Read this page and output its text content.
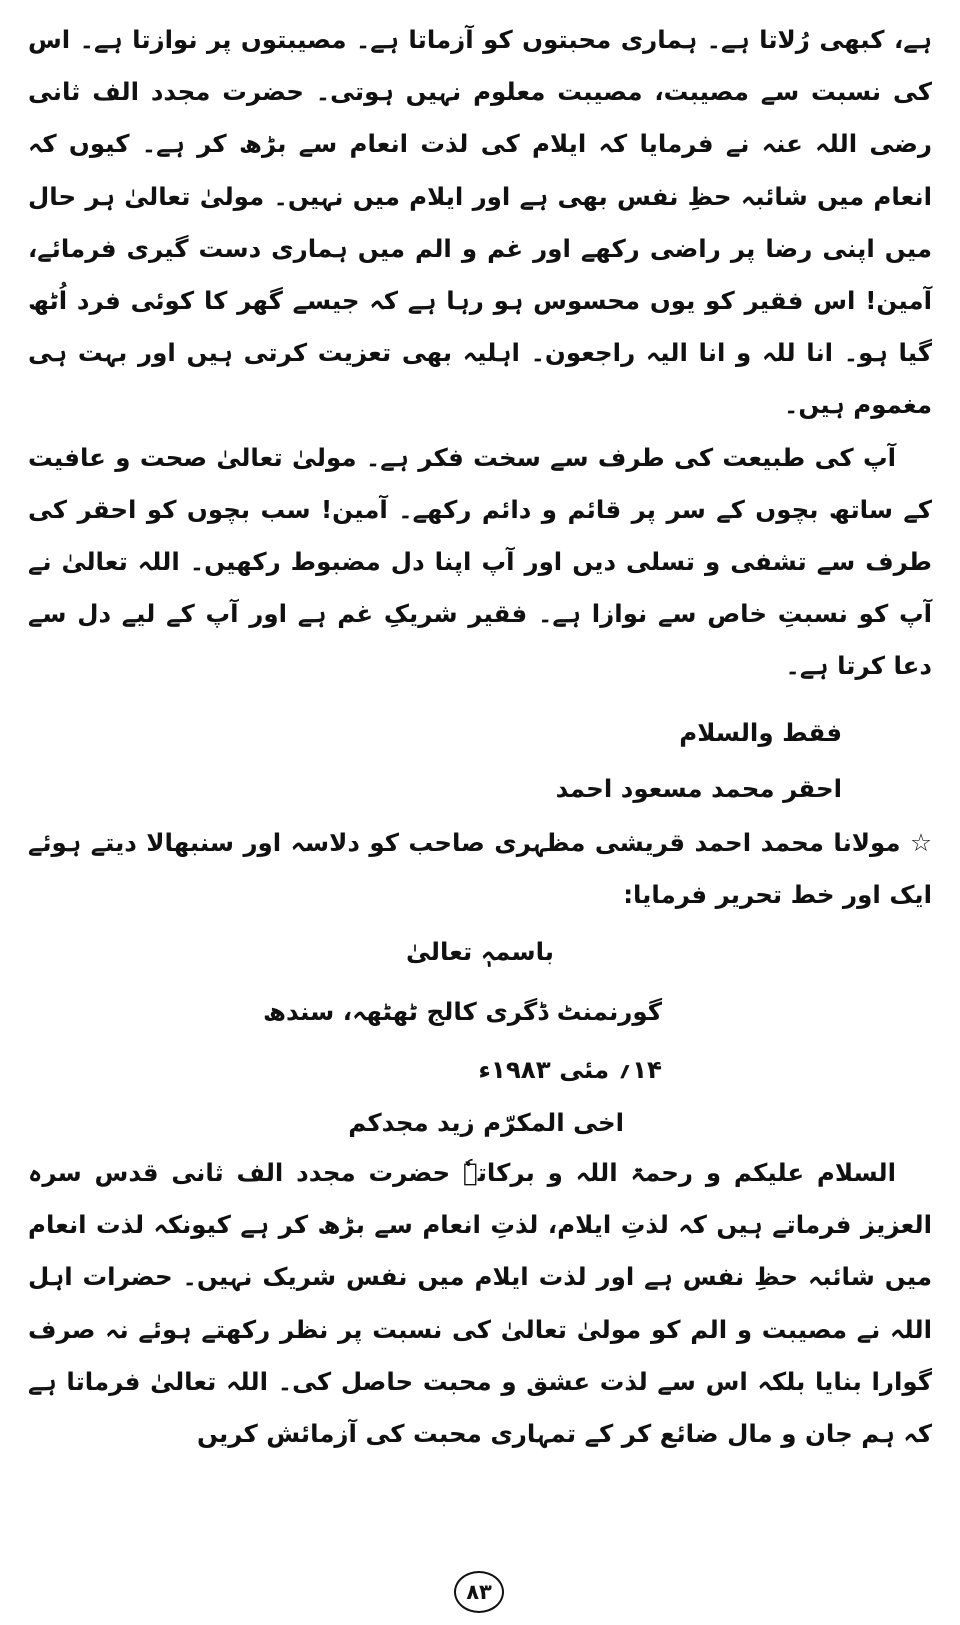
ہے، کبھی رُلاتا ہے۔ ہماری محبتوں کو آزماتا ہے۔ مصیبتوں پر نوازتا ہے۔ اس کی نسبت سے مصیبت، مصیبت معلوم نہیں ہوتی۔ حضرت مجدد الف ثانی رضی اللہ عنہ نے فرمایا کہ ایلام کی لذت انعام سے بڑھ کر ہے۔ کیوں کہ انعام میں شائبہ حظِ نفس بھی ہے اور ایلام میں نہیں۔ مولیٰ تعالیٰ ہر حال میں اپنی رضا پر راضی رکھے اور غم و الم میں ہماری دست گیری فرمائے، آمین! اس فقیر کو یوں محسوس ہو رہا ہے کہ جیسے گھر کا کوئی فرد اُٹھ گیا ہو۔ انا للہ و انا الیہ راجعون۔ اہلیہ بھی تعزیت کرتی ہیں اور بہت ہی مغموم ہیں۔

آپ کی طبیعت کی طرف سے سخت فکر ہے۔ مولیٰ تعالیٰ صحت و عافیت کے ساتھ بچوں کے سر پر قائم و دائم رکھے۔ آمین! سب بچوں کو احقر کی طرف سے تشفی و تسلی دیں اور آپ اپنا دل مضبوط رکھیں۔ اللہ تعالیٰ نے آپ کو نسبتِ خاص سے نوازا ہے۔ فقیر شریکِ غم ہے اور آپ کے لیے دل سے دعا کرتا ہے۔

فقط والسلام

احقر محمد مسعود احمد

☆ مولانا محمد احمد قریشی مظہری صاحب کو دلاسہ اور سنبھالا دیتے ہوئے ایک اور خط تحریر فرمایا:

باسمہٖ تعالیٰ

گورنمنٹ ڈگری کالج ٹھٹھہ، سندھ

۱۴؍ مئی ۱۹۸۳ء

اخی المکرّم زید مجدکم

السلام علیکم و رحمۃ اللہ و برکاتہٗ حضرت مجدد الف ثانی قدس سرہ العزیز فرماتے ہیں کہ لذتِ ایلام، لذتِ انعام سے بڑھ کر ہے کیونکہ لذت انعام میں شائبہ حظِ نفس ہے اور لذت ایلام میں نفس شریک نہیں۔ حضرات اہل اللہ نے مصیبت و الم کو مولیٰ تعالیٰ کی نسبت پر نظر رکھتے ہوئے نہ صرف گوارا بنایا بلکہ اس سے لذت عشق و محبت حاصل کی۔ اللہ تعالیٰ فرماتا ہے کہ ہم جان و مال ضائع کر کے تمہاری محبت کی آزمائش کریں

۸۳
